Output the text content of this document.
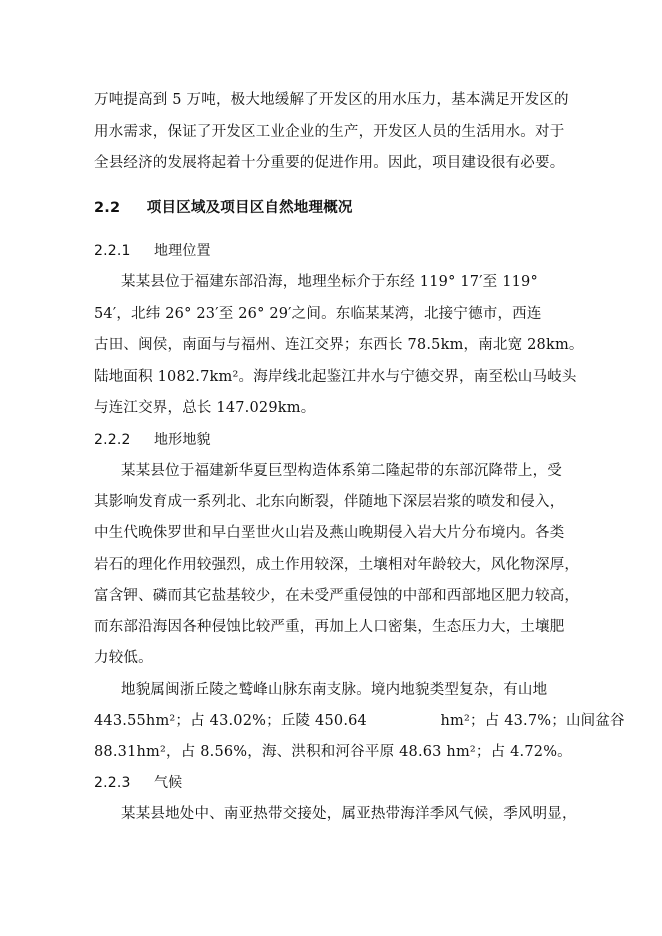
万吨提高到 5 万吨，极大地缓解了开发区的用水压力，基本满足开发区的
用水需求，保证了开发区工业企业的生产，开发区人员的生活用水。对于
全县经济的发展将起着十分重要的促进作用。因此，项目建设很有必要。
2.2 项目区域及项目区自然地理概况
2.2.1 地理位置
某某县位于福建东部沿海，地理坐标介于东经 119° 17′至 119°
54′，北纬 26° 23′至 26° 29′之间。东临某某湾，北接宁德市，西连
古田、闽侯，南面与与福州、连江交界；东西长 78.5km，南北宽 28km。
陆地面积 1082.7km²。海岸线北起鉴江井水与宁德交界，南至松山马岐头
与连江交界，总长 147.029km。
2.2.2 地形地貌
某某县位于福建新华夏巨型构造体系第二隆起带的东部沉降带上，受
其影响发育成一系列北、北东向断裂，伴随地下深层岩浆的喷发和侵入，
中生代晚侏罗世和早白垩世火山岩及燕山晚期侵入岩大片分布境内。各类
岩石的理化作用较强烈，成土作用较深，土壤相对年龄较大，风化物深厚，
富含钾、磷而其它盐基较少，在未受严重侵蚀的中部和西部地区肥力较高，
而东部沿海因各种侵蚀比较严重，再加上人口密集，生态压力大，土壤肥
力较低。
地貌属闽浙丘陵之鹫峰山脉东南支脉。境内地貌类型复杂，有山地
443.55hm²；占 43.02%；丘陵 450.64　　　　　hm²；占 43.7%；山间盆谷
88.31hm²，占 8.56%，海、洪积和河谷平原 48.63 hm²；占 4.72%。
2.2.3 气候
某某县地处中、南亚热带交接处，属亚热带海洋季风气候，季风明显，
